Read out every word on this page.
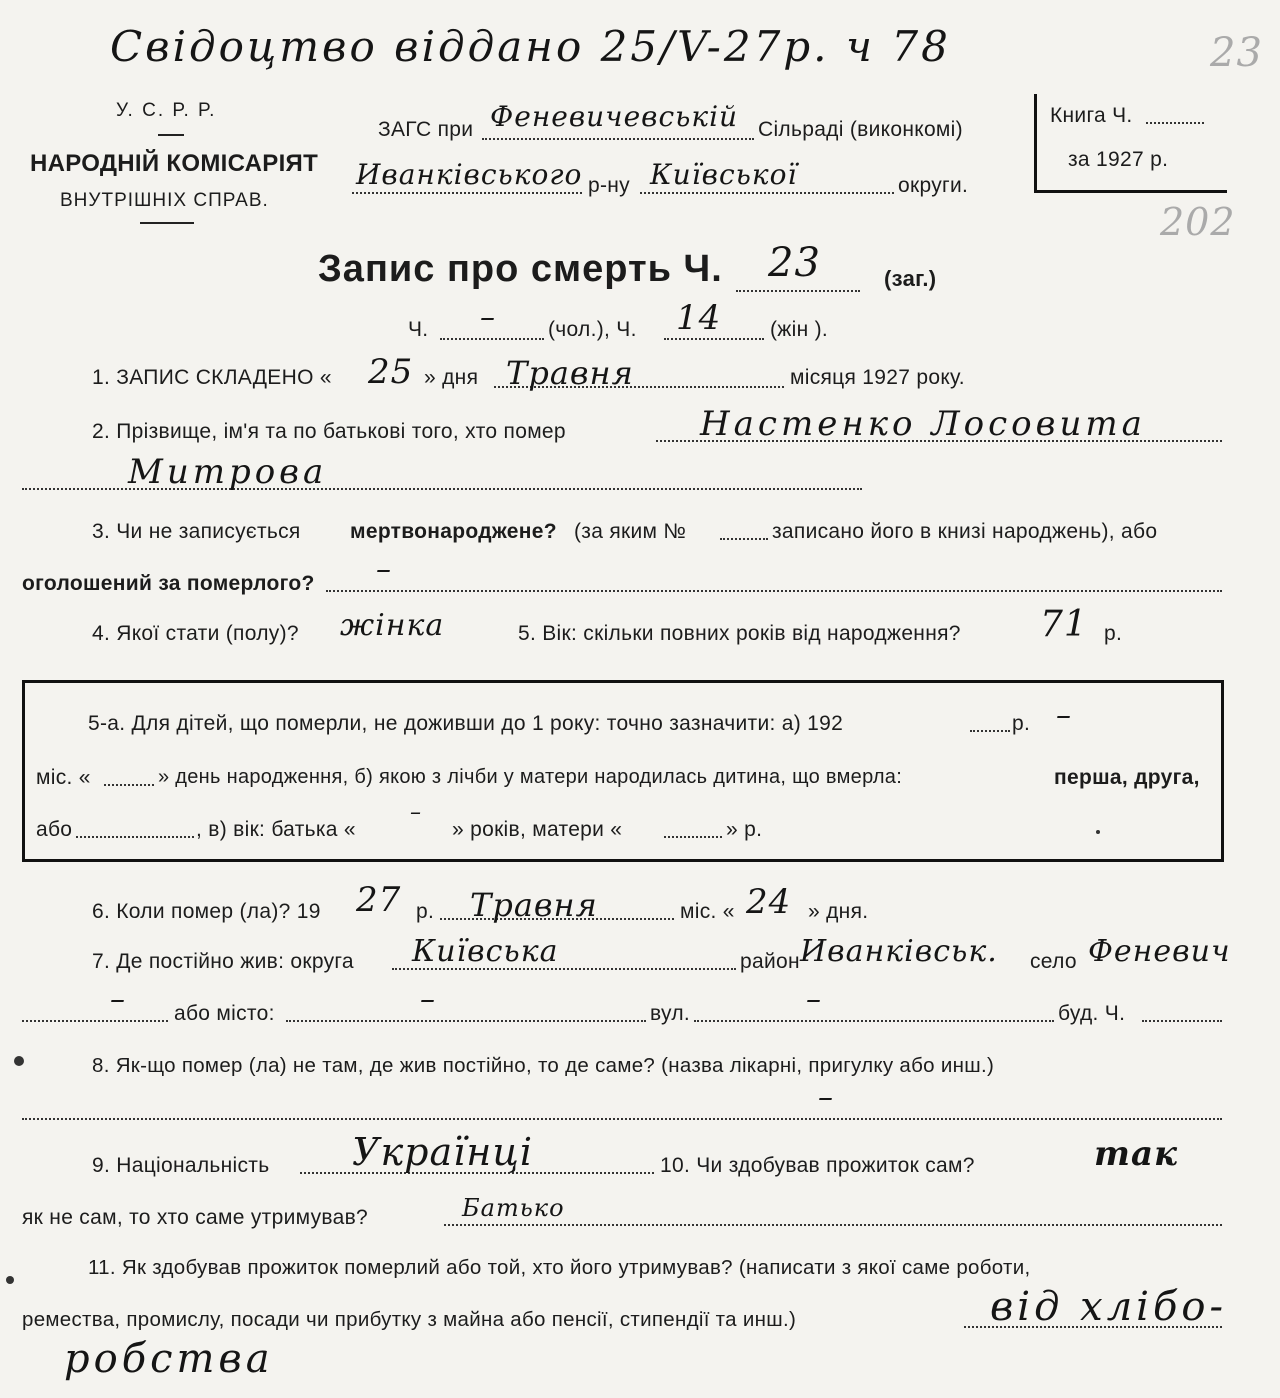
Свідоцтво віддано 25/V-27р. ч 78	23
202
У. С. Р. Р.
НАРОДНІЙ КОМІСАРІЯТ
ВНУТРІШНІХ СПРАВ.
ЗАГС при Феневичевській Сільраді (виконкомі)
Иванківського р-ну Київської	округи.
Книга Ч.
за 1927 р.
Запис про смерть Ч. 23	(заг.)
Ч. – (чол.), Ч. 14 (жін ).
1. ЗАПИС СКЛАДЕНО « 25 » дня Травня	місяця 1927 року.
2. Прізвище, ім'я та по батькові того, хто помер	Настенко Лосовита
Митрова
3. Чи не записується мертвонароджене? (за яким №	записано його в книзі народжень), або
оголошений за померлого? –
4. Якої стати (полу)? жінка	5. Вік: скільки повних років від народження? 71 р.
5-а. Для дітей, що померли, не доживши до 1 року: точно зазначити: а) 192	р. –
міс. «	» день народження, б) якою з лічби у матери народилась дитина, що вмерла:	перша, друга,
або	, в) вік: батька «
–
» років, матери «	» р.
6. Коли помер (ла)? 19 27 р. Травня	міс. « 24 » дня.
7. Де постійно жив: округа Київська	район Иванківськ. село Феневич
– або місто:	–	вул.	–	буд. Ч.
8. Як-що помер (ла) не там, де жив постійно, то де саме? (назва лікарні, пригулку або инш.)
–
9. Національність Українці	10. Чи здобував прожиток сам?	так
як не сам, то хто саме утримував?	Батько
11. Як здобував прожиток померлий або той, хто його утримував? (написати з якої саме роботи,
ремества, промислу, посади чи прибутку з майна або пенсії, стипендії та инш.)	від хлібо-
робства
